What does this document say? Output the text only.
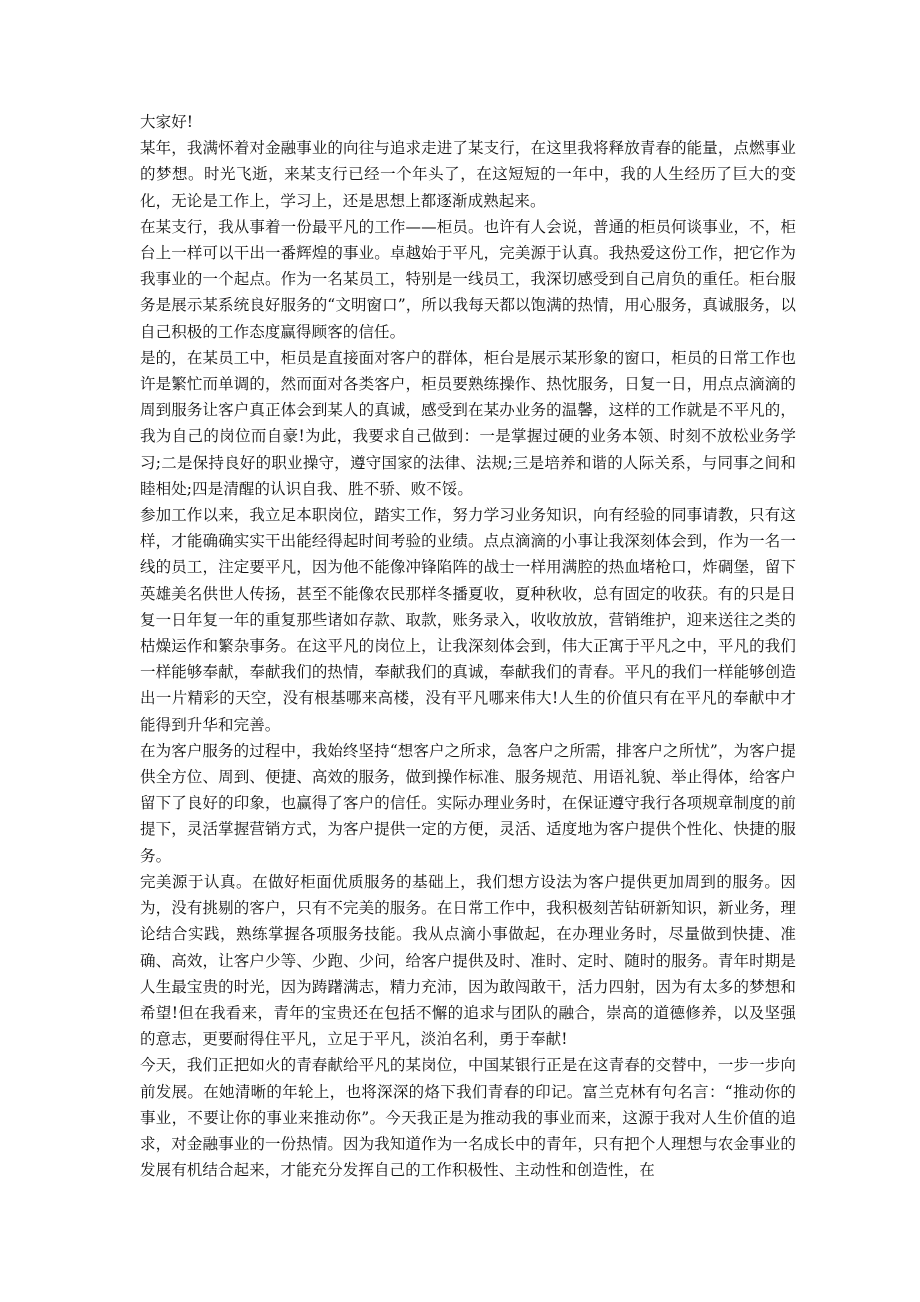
大家好!

某年，我满怀着对金融事业的向往与追求走进了某支行，在这里我将释放青春的能量，点燃事业的梦想。时光飞逝，来某支行已经一个年头了，在这短短的一年中，我的人生经历了巨大的变化，无论是工作上，学习上，还是思想上都逐渐成熟起来。

在某支行，我从事着一份最平凡的工作——柜员。也许有人会说，普通的柜员何谈事业，不，柜台上一样可以干出一番辉煌的事业。卓越始于平凡，完美源于认真。我热爱这份工作，把它作为我事业的一个起点。作为一名某员工，特别是一线员工，我深切感受到自己肩负的重任。柜台服务是展示某系统良好服务的“文明窗口”，所以我每天都以饱满的热情，用心服务，真诚服务，以自己积极的工作态度赢得顾客的信任。

是的，在某员工中，柜员是直接面对客户的群体，柜台是展示某形象的窗口，柜员的日常工作也许是繁忙而单调的，然而面对各类客户，柜员要熟练操作、热忱服务，日复一日，用点点滴滴的周到服务让客户真正体会到某人的真诚，感受到在某办业务的温馨，这样的工作就是不平凡的，我为自己的岗位而自豪!为此，我要求自己做到：一是掌握过硬的业务本领、时刻不放松业务学习;二是保持良好的职业操守，遵守国家的法律、法规;三是培养和谐的人际关系，与同事之间和睦相处;四是清醒的认识自我、胜不骄、败不馁。

参加工作以来，我立足本职岗位，踏实工作，努力学习业务知识，向有经验的同事请教，只有这样，才能确确实实干出能经得起时间考验的业绩。点点滴滴的小事让我深刻体会到，作为一名一线的员工，注定要平凡，因为他不能像冲锋陷阵的战士一样用满腔的热血堵枪口，炸碉堡，留下英雄美名供世人传扬，甚至不能像农民那样冬播夏收，夏种秋收，总有固定的收获。有的只是日复一日年复一年的重复那些诸如存款、取款，账务录入，收收放放，营销维护，迎来送往之类的枯燥运作和繁杂事务。在这平凡的岗位上，让我深刻体会到，伟大正寓于平凡之中，平凡的我们一样能够奉献，奉献我们的热情，奉献我们的真诚，奉献我们的青春。平凡的我们一样能够创造出一片精彩的天空，没有根基哪来高楼，没有平凡哪来伟大!人生的价值只有在平凡的奉献中才能得到升华和完善。

在为客户服务的过程中，我始终坚持“想客户之所求，急客户之所需，排客户之所忧”，为客户提供全方位、周到、便捷、高效的服务，做到操作标准、服务规范、用语礼貌、举止得体，给客户留下了良好的印象，也赢得了客户的信任。实际办理业务时，在保证遵守我行各项规章制度的前提下，灵活掌握营销方式，为客户提供一定的方便，灵活、适度地为客户提供个性化、快捷的服务。

完美源于认真。在做好柜面优质服务的基础上，我们想方设法为客户提供更加周到的服务。因为，没有挑剔的客户，只有不完美的服务。在日常工作中，我积极刻苦钻研新知识，新业务，理论结合实践，熟练掌握各项服务技能。我从点滴小事做起，在办理业务时，尽量做到快捷、准确、高效，让客户少等、少跑、少问，给客户提供及时、准时、定时、随时的服务。青年时期是人生最宝贵的时光，因为踌躇满志，精力充沛，因为敢闯敢干，活力四射，因为有太多的梦想和希望!但在我看来，青年的宝贵还在包括不懈的追求与团队的融合，崇高的道德修养，以及坚强的意志，更要耐得住平凡，立足于平凡，淡泊名利，勇于奉献!

今天，我们正把如火的青春献给平凡的某岗位，中国某银行正是在这青春的交替中，一步一步向前发展。在她清晰的年轮上，也将深深的烙下我们青春的印记。富兰克林有句名言：“推动你的事业，不要让你的事业来推动你”。今天我正是为推动我的事业而来，这源于我对人生价值的追求，对金融事业的一份热情。因为我知道作为一名成长中的青年，只有把个人理想与农金事业的发展有机结合起来，才能充分发挥自己的工作积极性、主动性和创造性，在
